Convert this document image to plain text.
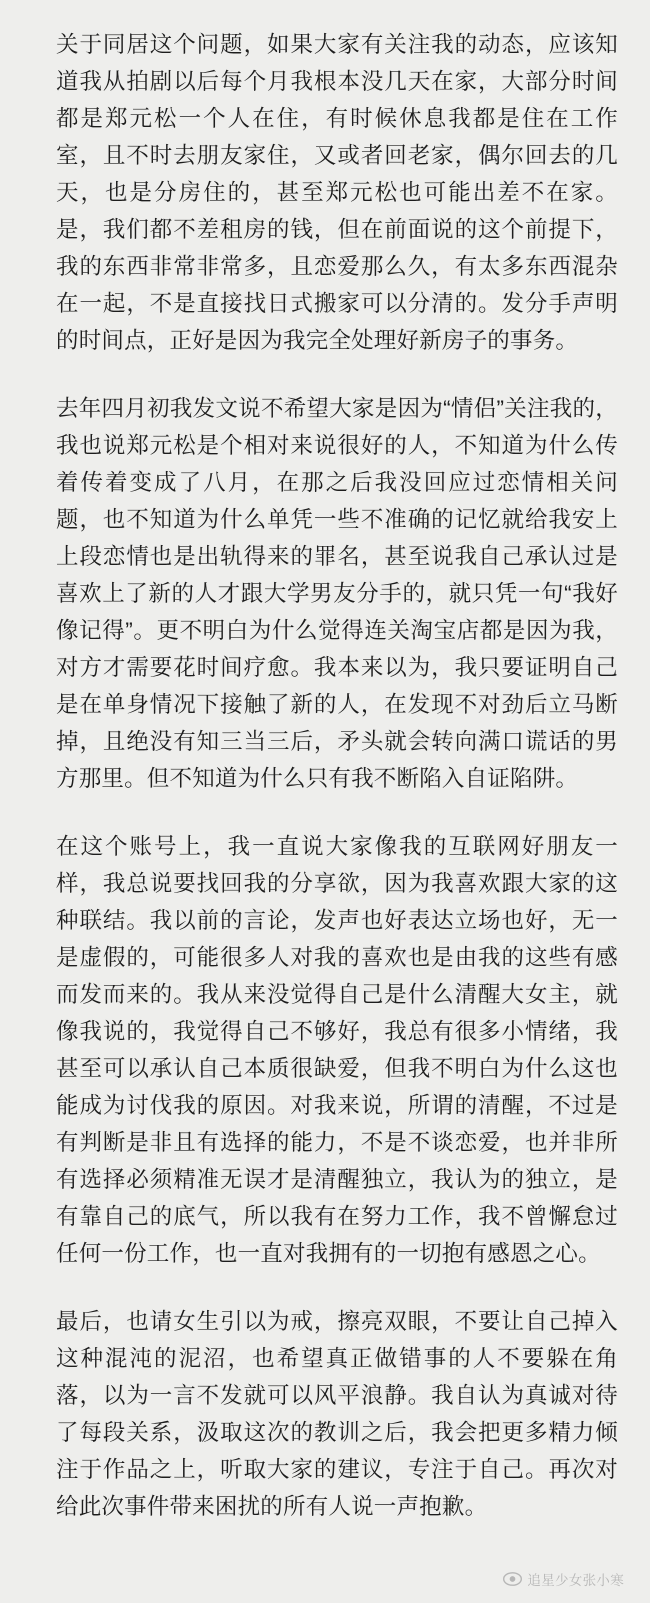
关于同居这个问题，如果大家有关注我的动态，应该知道我从拍剧以后每个月我根本没几天在家，大部分时间都是郑元松一个人在住，有时候休息我都是住在工作室，且不时去朋友家住，又或者回老家，偶尔回去的几天，也是分房住的，甚至郑元松也可能出差不在家。是，我们都不差租房的钱，但在前面说的这个前提下，我的东西非常非常多，且恋爱那么久，有太多东西混杂在一起，不是直接找日式搬家可以分清的。发分手声明的时间点，正好是因为我完全处理好新房子的事务。

去年四月初我发文说不希望大家是因为“情侣”关注我的，我也说郑元松是个相对来说很好的人，不知道为什么传着传着变成了八月，在那之后我没回应过恋情相关问题，也不知道为什么单凭一些不准确的记忆就给我安上上段恋情也是出轨得来的罪名，甚至说我自己承认过是喜欢上了新的人才跟大学男友分手的，就只凭一句“我好像记得”。更不明白为什么觉得连关淘宝店都是因为我，对方才需要花时间疗愈。我本来以为，我只要证明自己是在单身情况下接触了新的人，在发现不对劲后立马断掉，且绝没有知三当三后，矛头就会转向满口谎话的男方那里。但不知道为什么只有我不断陷入自证陷阱。

在这个账号上，我一直说大家像我的互联网好朋友一样，我总说要找回我的分享欲，因为我喜欢跟大家的这种联结。我以前的言论，发声也好表达立场也好，无一是虚假的，可能很多人对我的喜欢也是由我的这些有感而发而来的。我从来没觉得自己是什么清醒大女主，就像我说的，我觉得自己不够好，我总有很多小情绪，我甚至可以承认自己本质很缺爱，但我不明白为什么这也能成为讨伐我的原因。对我来说，所谓的清醒，不过是有判断是非且有选择的能力，不是不谈恋爱，也并非所有选择必须精准无误才是清醒独立，我认为的独立，是有靠自己的底气，所以我有在努力工作，我不曾懈怠过任何一份工作，也一直对我拥有的一切抱有感恩之心。

最后，也请女生引以为戒，擦亮双眼，不要让自己掉入这种混沌的泥沼，也希望真正做错事的人不要躲在角落，以为一言不发就可以风平浪静。我自认为真诚对待了每段关系，汲取这次的教训之后，我会把更多精力倾注于作品之上，听取大家的建议，专注于自己。再次对给此次事件带来困扰的所有人说一声抱歉。

追星少女张小寒
